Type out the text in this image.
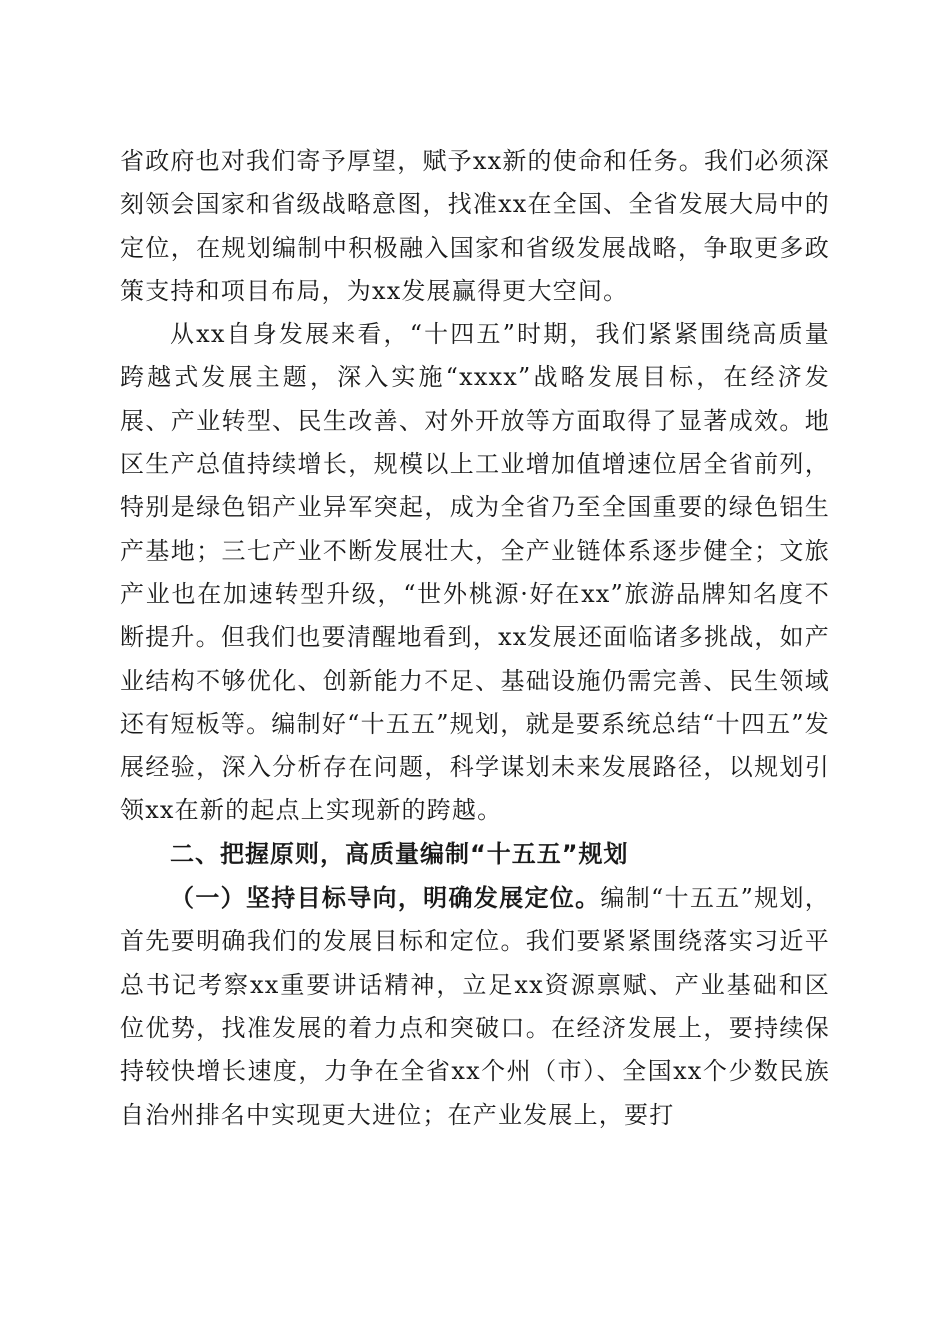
省政府也对我们寄予厚望，赋予xx新的使命和任务。我们必须深刻领会国家和省级战略意图，找准xx在全国、全省发展大局中的定位，在规划编制中积极融入国家和省级发展战略，争取更多政策支持和项目布局，为xx发展赢得更大空间。

从xx自身发展来看，“十四五”时期，我们紧紧围绕高质量跨越式发展主题，深入实施“xxxx”战略发展目标，在经济发展、产业转型、民生改善、对外开放等方面取得了显著成效。地区生产总值持续增长，规模以上工业增加值增速位居全省前列，特别是绿色铝产业异军突起，成为全省乃至全国重要的绿色铝生产基地；三七产业不断发展壮大，全产业链体系逐步健全；文旅产业也在加速转型升级，“世外桃源·好在xx”旅游品牌知名度不断提升。但我们也要清醒地看到，xx发展还面临诸多挑战，如产业结构不够优化、创新能力不足、基础设施仍需完善、民生领域还有短板等。编制好“十五五”规划，就是要系统总结“十四五”发展经验，深入分析存在问题，科学谋划未来发展路径，以规划引领xx在新的起点上实现新的跨越。

二、把握原则，高质量编制“十五五”规划

（一）坚持目标导向，明确发展定位。编制“十五五”规划，首先要明确我们的发展目标和定位。我们要紧紧围绕落实习近平总书记考察xx重要讲话精神，立足xx资源禀赋、产业基础和区位优势，找准发展的着力点和突破口。在经济发展上，要持续保持较快增长速度，力争在全省xx个州（市）、全国xx个少数民族自治州排名中实现更大进位；在产业发展上，要打
